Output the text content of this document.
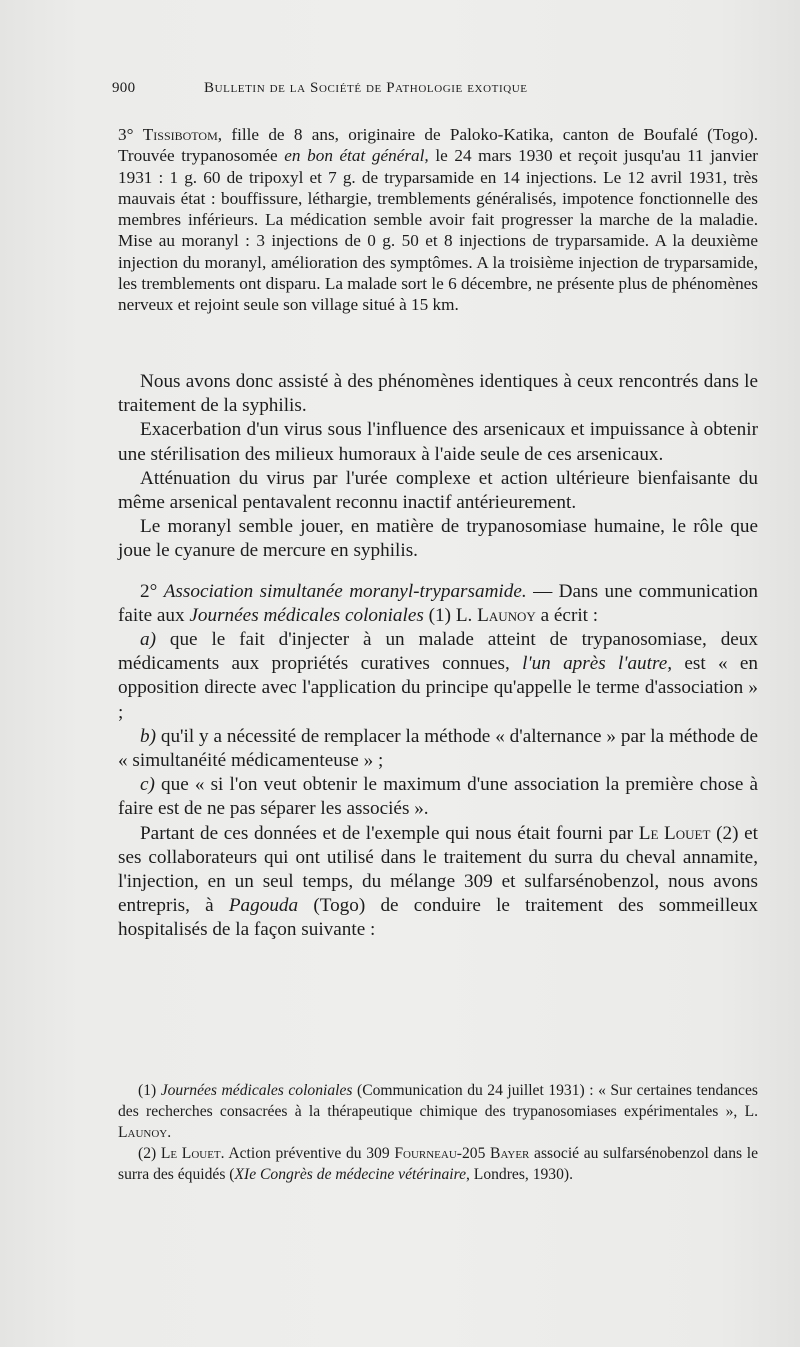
900	Bulletin de la Société de Pathologie exotique
3° Tissibotom, fille de 8 ans, originaire de Paloko-Katika, canton de Boufalé (Togo). Trouvée trypanosomée en bon état général, le 24 mars 1930 et reçoit jusqu'au 11 janvier 1931 : 1 g. 60 de tripoxyl et 7 g. de tryparsamide en 14 injections. Le 12 avril 1931, très mauvais état : bouffissure, léthargie, tremblements généralisés, impotence fonctionnelle des membres inférieurs. La médication semble avoir fait progresser la marche de la maladie. Mise au moranyl : 3 injections de 0 g. 50 et 8 injections de tryparsamide. A la deuxième injection du moranyl, amélioration des symptômes. A la troisième injection de tryparsamide, les tremblements ont disparu. La malade sort le 6 décembre, ne présente plus de phénomènes nerveux et rejoint seule son village situé à 15 km.

Nous avons donc assisté à des phénomènes identiques à ceux rencontrés dans le traitement de la syphilis.

Exacerbation d'un virus sous l'influence des arsenicaux et impuissance à obtenir une stérilisation des milieux humoraux à l'aide seule de ces arsenicaux.

Atténuation du virus par l'urée complexe et action ultérieure bienfaisante du même arsenical pentavalent reconnu inactif antérieurement.

Le moranyl semble jouer, en matière de trypanosomiase humaine, le rôle que joue le cyanure de mercure en syphilis.

2° Association simultanée moranyl-tryparsamide. — Dans une communication faite aux Journées médicales coloniales (1) L. Launoy a écrit :

a) que le fait d'injecter à un malade atteint de trypanosomiase, deux médicaments aux propriétés curatives connues, l'un après l'autre, est « en opposition directe avec l'application du principe qu'appelle le terme d'association » ;

b) qu'il y a nécessité de remplacer la méthode « d'alternance » par la méthode de « simultanéité médicamenteuse » ;

c) que « si l'on veut obtenir le maximum d'une association la première chose à faire est de ne pas séparer les associés ».

Partant de ces données et de l'exemple qui nous était fourni par Le Louet (2) et ses collaborateurs qui ont utilisé dans le traitement du surra du cheval annamite, l'injection, en un seul temps, du mélange 309 et sulfarsénobenzol, nous avons entrepris, à Pagouda (Togo) de conduire le traitement des sommeilleux hospitalisés de la façon suivante :

(1) Journées médicales coloniales (Communication du 24 juillet 1931) : « Sur certaines tendances des recherches consacrées à la thérapeutique chimique des trypanosomiases expérimentales », L. Launoy.

(2) Le Louet. Action préventive du 309 Fourneau-205 Bayer associé au sulfarsénobenzol dans le surra des équidés (XIe Congrès de médecine vétérinaire, Londres, 1930).
